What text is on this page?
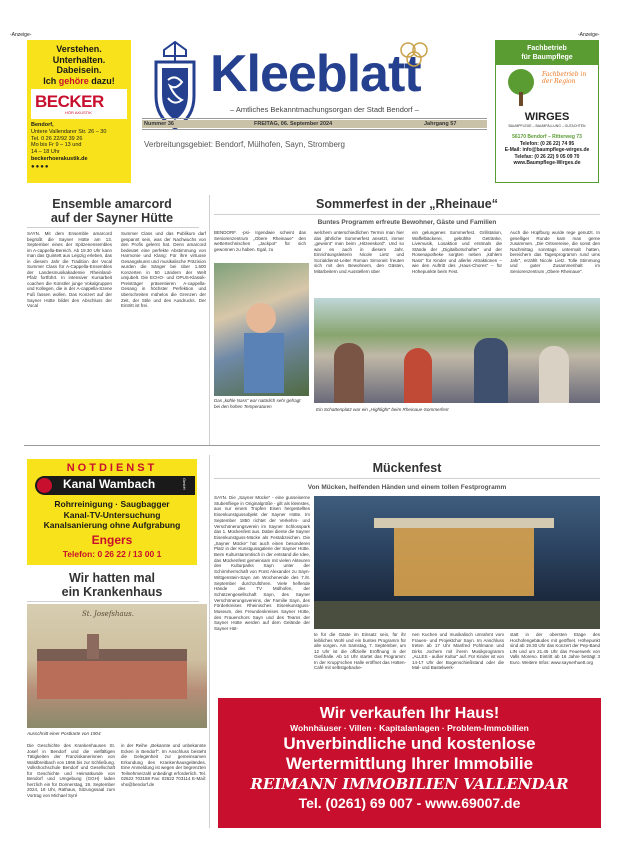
-Anzeige-	-Anzeige-
Verstehen.
Unterhalten.
Dabeisein.
Ich gehöre dazu!
BECKER
HÖR AKUSTIK
Bendorf,
Untere Vallendarer Str. 26 – 30
Tel. 0 26 22/92 39 26
Mo bis Fr 9 – 13 und
14 – 18 Uhr
beckerhoerakustik.de
●●●●
Kleeblatt
– Amtliches Bekanntmachungsorgan der Stadt Bendorf –
Nummer 36	FREITAG, 06. September 2024	Jahrgang 57
Verbreitungsgebiet: Bendorf, Mülhofen, Sayn, Stromberg
Fachbetrieb
für Baumpflege
Fachbetrieb in der Region
WIRGES
BAUMPFLEGE – BAUMFÄLLUNG – GUTACHTEN
56170 Bendorf – Ritterweg 73
Telefon: (0 26 22) 74 95
E-Mail: info@baumpflege-wirges.de
Telefax: (0 26 22) 9 05 09 70
www.Baumpflege-Wirges.de
Ensemble amarcord
auf der Sayner Hütte
SAYN. Mit dem Ensemble amarcord begrüßt die Sayner Hütte am 13. September eines der Spitzenensembles im A-cappella-Bereich. Ab 19.30 Uhr kann man das Quintett aus Leipzig erleben, das in diesem Jahr die Tradition der Vocal Summer Class für A-Cappella-Ensembles der Landesmusikakademie Rheinland-Pfalz fortführt. In intensiver Kursarbeit coachen die Künstler junge Vokalgruppen und Kollegen, die in der A-cappella-Szene Fuß fassen wollen. Das Konzert auf der Sayner Hütte bildet den Abschluss der Vocal
Summer Class und das Publikum darf gespannt sein, was der Nachwuchs von den Profis gelernt hat. Denn amarcord bedeutet eine perfekte Abstimmung von Harmonie und Klang: Für ihre virtuose Gesangskunst und musikalische Präzision wurden die Sänger bei über 1.500 Konzerten in 50 Ländern der Welt umjubelt. Die ECHO- und OPUS-Klassik-Preisträger präsentieren A-cappella-Gesang in höchster Perfektion und überschreiten mühelos die Grenzen der Zeit, der Stile und des Ausdrucks. Der Eintritt ist frei.
Sommerfest in der „Rheinaue“
Buntes Programm erfreute Bewohner, Gäste und Familien
BENDORF. -psi- Irgendwie scheint das Seniorenzentrum „Obere Rheinaue“ den wettertechnischen „Jackpot“ für sich gewonnen zu haben. Egal, zu
welchem unterschiedlichen Termin man hier das jährliche Sommerfest ansetzt, immer „gewinnt“ man beim „Hitzeeskord“. Und so war es auch in diesem Jahr. Einrichtungsleiterin Nicole Lietz und Sozialdienst-Leiter Roman Simoneit freuten sich mit den Bewohnern, den Gästen, Mitarbeitern und Ausstellern über
ein gelungenes Sommerfest. Grillstation, Waffelbäckerei, gekühlte Getränke, Livemusik, Losaktion und erstmals die Stände der „Digitalbotschafter“ und der Rosenapotheke sorgten neben „kühlem Nass“ für Kinder und allerlei Attraktionen – wie den Auftritt des „Haus-Chores“ – für Höhepunkte beim Fest.
Auch die Hüpfburg wurde rege genutzt. In geselliger Runde kam man gerne zusammen. „Die Ortsvereine, die sonst den Nachmittag sonntags untermalt hatten, bereichern das Tagesprogramm rund ums Jahr“, erzählt Nicole Lietz. Tolle Stimmung und guter Zusammenhalt im Seniorenzentrum „Obere Rheinaue“.
Das „kühle Nass“ war natürlich sehr gefragt bei den hohen Temperaturen
Ein Schattenplatz war ein „Highlight“ beim Rheinaue-Sommerfest
NOTDIENST
Kanal Wambach	GmbH
Rohrreinigung · Saugbagger
Kanal-TV-Untersuchung
Kanalsanierung ohne Aufgrabung
Engers
Telefon: 0 26 22 / 13 00 1
Wir hatten mal
ein Krankenhaus
St. Josefshaus.
Ausschnitt einer Postkarte von 1904
Die Geschichte des Krankenhauses St. Josef in Bendorf und die vielfältigen Tätigkeiten der Franziskanerinnen von Waldbreitbach von 1866 bis zur Schließung. Volkshochschule Bendorf und Gesellschaft für Geschichte und Heimatkunde von Bendorf und Umgebung (GGH) laden herzlich ein für Donnerstag, 19. September 2024, 18 Uhr, Rathaus, Sitzungssaal zum Vortrag von Michael Syré
in der Reihe „Bekannte und unbekannte Ecken in Bendorf“. Im Anschluss besteht die Gelegenheit zur gemeinsamen Erkundung des Krankenhausgeländes. Eine Anmeldung ist wegen der begrenzten Teilnehmerzahl unbedingt erforderlich. Tel. 02622 703158 Fax: 02622 703114 E-Mail: vhs@bendorf.de
Mückenfest
Von Mücken, helfenden Händen und einem tollen Festprogramm
SAYN. Die „Sayner Mücke“ - eine gusseiserne Stubenfliege in Originalgröße - gilt als kleinstes, aus nur einem Tropfen Eisen hergestelltes Eisenkunstgussobjekt der Sayner Hütte. Im September 1850 richtet der Verkehrs- und Verschönerungsverein im Sayner Schlosspark das 1. Mückenfest aus. Dabei diente die Sayner Eisenkunstguss-Mücke als Festabzeichen. Die „Sayner Mücke“ hat auch einen besonderen Platz in der Kunstgussgalerie der Sayner Hütte. Beim Kulturstammtisch in der entstand die Idee, das Mückenfest gemeinsam mit vielen Akteuren des Kulturparks Sayn unter der Schirmherrschaft von Fürst Alexander zu Sayn-Wittgenstein-Sayn am Wochenende des 7./8. September durchzuführen. Viele helfende Hände des TV Mülhofen, der Schützengesellschaft Sayn, des Sayner Verschönerungsvereins, der Familie Sayn, des Förderkreises Rheinisches Eisenkunstguss-Museum, des Freundeskreises Sayner Hütte, des Frauenchors Sayn und des Teams der Sayner Hütte werden auf dem Gelände der Sayner Hüt-
te für die Gäste im Einsatz sein, für ihr leibliches Wohl und ein buntes Programm für alle sorgen. Am Samstag, 7. September, um 12 Uhr ist die offizielle Eröffnung in der Gießhalle. Ab 14 Uhr startet das Programm: In der Krupp'schen Halle eröffnet das Hütten-Café mit selbstgebacke-
nen Kuchen und musikalisch umrahmt vom Frauen- und Projektchor Sayn. Im Anschluss treten ab 17 Uhr Manfred Pohlmann und Dirks Jochem mit ihrem Musikprogramm „ALLES - außer Kultur“ auf. Für Kinder ist von 14-17 Uhr der Bogenschießstand oder die Mal- und Bastelwerk-
statt in der obersten Etage des Hochofengebäudes mit geöffnet. Höhepunkt sind ab 19.30 Uhr das Konzert der Pep-Band LIN und um 21.45 Uhr das Feuerwerk von Valls Moreno. Eintritt ab 16 Jahre beträgt 3 Euro. Weitere Infos: www.saynerhuett.org
Wir verkaufen Ihr Haus!
Wohnhäuser · Villen · Kapitalanlagen · Problem-Immobilien
Unverbindliche und kostenlose
Wertermittlung Ihrer Immobilie
REIMANN IMMOBILIEN VALLENDAR
Tel. (0261) 69 007 - www.69007.de
